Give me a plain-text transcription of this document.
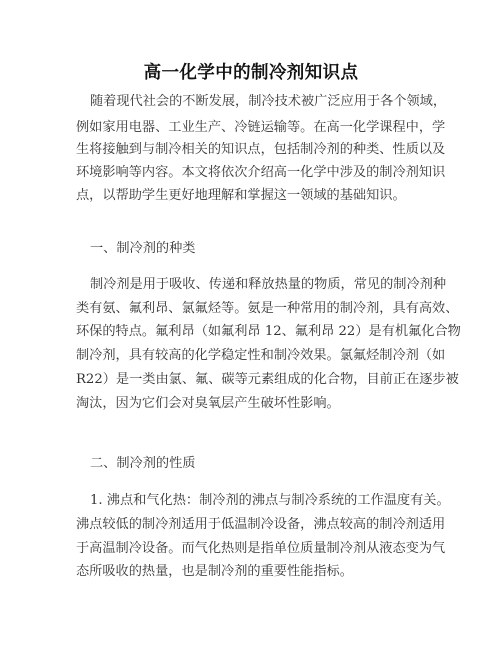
高一化学中的制冷剂知识点
随着现代社会的不断发展，制冷技术被广泛应用于各个领域，
例如家用电器、工业生产、冷链运输等。在高一化学课程中，学
生将接触到与制冷相关的知识点，包括制冷剂的种类、性质以及
环境影响等内容。本文将依次介绍高一化学中涉及的制冷剂知识
点，以帮助学生更好地理解和掌握这一领域的基础知识。
一、制冷剂的种类
制冷剂是用于吸收、传递和释放热量的物质，常见的制冷剂种
类有氨、氟利昂、氯氟烃等。氨是一种常用的制冷剂，具有高效、
环保的特点。氟利昂（如氟利昂 12、氟利昂 22）是有机氟化合物
制冷剂，具有较高的化学稳定性和制冷效果。氯氟烃制冷剂（如
R22）是一类由氯、氟、碳等元素组成的化合物，目前正在逐步被
淘汰，因为它们会对臭氧层产生破坏性影响。
二、制冷剂的性质
1. 沸点和气化热：制冷剂的沸点与制冷系统的工作温度有关。
沸点较低的制冷剂适用于低温制冷设备，沸点较高的制冷剂适用
于高温制冷设备。而气化热则是指单位质量制冷剂从液态变为气
态所吸收的热量，也是制冷剂的重要性能指标。
